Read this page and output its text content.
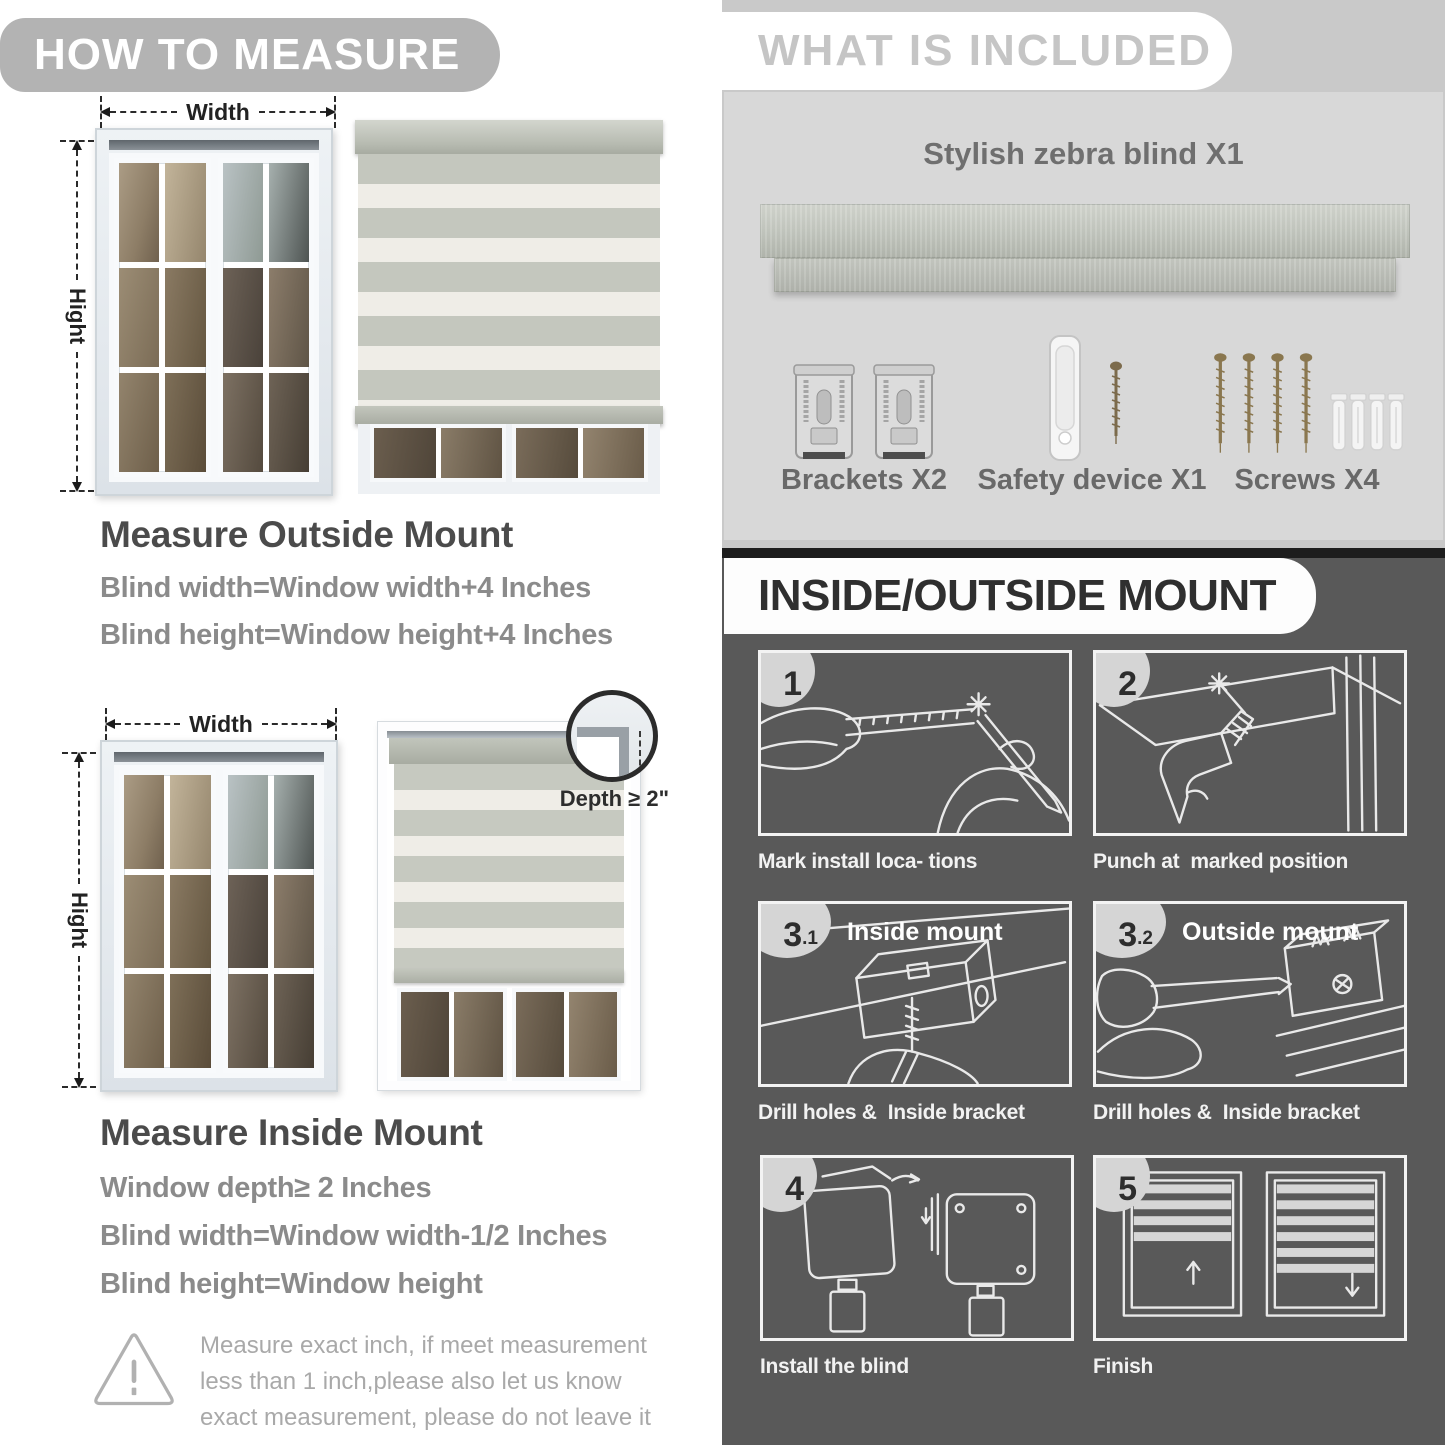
HOW TO MEASURE
Width
Hight
Measure Outside Mount

Blind width=Window width+4 Inches

Blind height=Window height+4 Inches

Width
Hight
Depth ≥ 2"
Measure Inside Mount

Window depth≥ 2 Inches

Blind width=Window width-1/2 Inches

Blind height=Window height

Measure exact inch, if meet measurement less than 1 inch,please also let us know exact measurement, please do not leave it

WHAT IS INCLUDED
Stylish zebra blind X1
Brackets X2	Safety device X1 Screws X4
INSIDE/OUTSIDE MOUNT
1

Mark install loca- tions

2

Punch at  marked position

3 .1 Inside mount

Drill holes &  Inside bracket

3 .2 Outside mount

Drill holes &  Inside bracket

4

Install the blind

5

Finish
